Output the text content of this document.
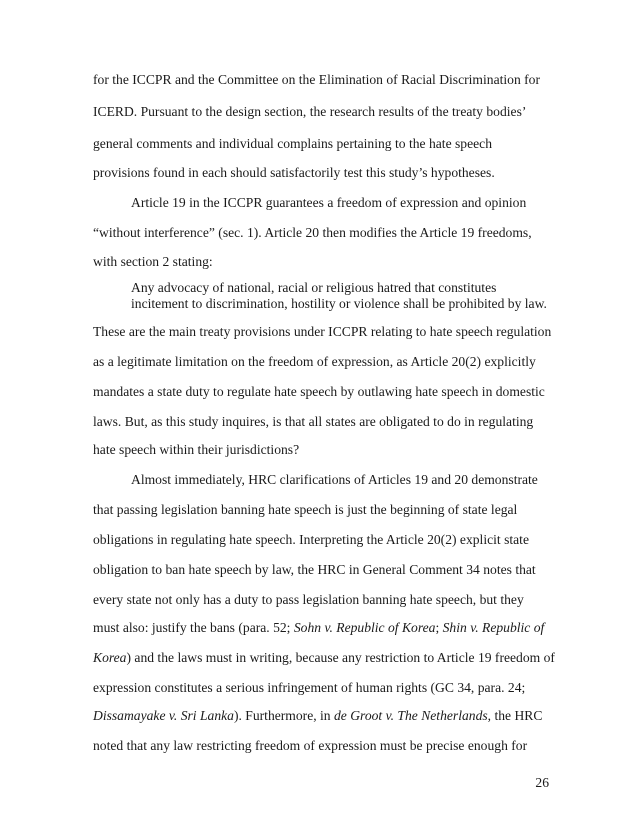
for the ICCPR and the Committee on the Elimination of Racial Discrimination for
ICERD. Pursuant to the design section, the research results of the treaty bodies’
general comments and individual complains pertaining to the hate speech
provisions found in each should satisfactorily test this study’s hypotheses.
Article 19 in the ICCPR guarantees a freedom of expression and opinion
“without interference” (sec. 1). Article 20 then modifies the Article 19 freedoms,
with section 2 stating:
Any advocacy of national, racial or religious hatred that constitutes
incitement to discrimination, hostility or violence shall be prohibited by law.
These are the main treaty provisions under ICCPR relating to hate speech regulation
as a legitimate limitation on the freedom of expression, as Article 20(2) explicitly
mandates a state duty to regulate hate speech by outlawing hate speech in domestic
laws. But, as this study inquires, is that all states are obligated to do in regulating
hate speech within their jurisdictions?
Almost immediately, HRC clarifications of Articles 19 and 20 demonstrate
that passing legislation banning hate speech is just the beginning of state legal
obligations in regulating hate speech. Interpreting the Article 20(2) explicit state
obligation to ban hate speech by law, the HRC in General Comment 34 notes that
every state not only has a duty to pass legislation banning hate speech, but they
must also: justify the bans (para. 52; Sohn v. Republic of Korea; Shin v. Republic of
Korea) and the laws must in writing, because any restriction to Article 19 freedom of
expression constitutes a serious infringement of human rights (GC 34, para. 24;
Dissamayake v. Sri Lanka). Furthermore, in de Groot v. The Netherlands, the HRC
noted that any law restricting freedom of expression must be precise enough for
26
